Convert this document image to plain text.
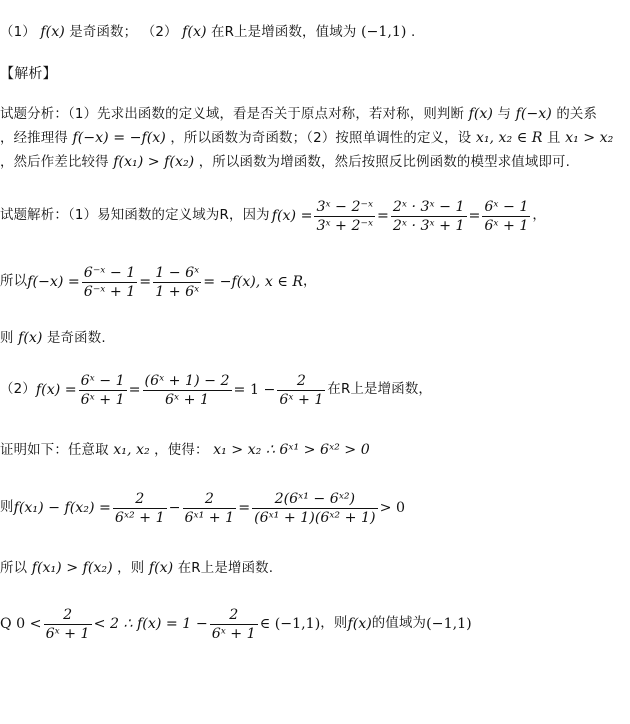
（1） f(x) 是奇函数； （2） f(x) 在R上是增函数，值域为 (−1,1) .
【解析】
试题分析：（1）先求出函数的定义域，看是否关于原点对称，若对称，则判断 f(x) 与 f(−x) 的关系
，经推理得 f(−x) = −f(x) ，所以函数为奇函数；（2）按照单调性的定义，设 x₁, x₂ ∈ R 且 x₁ > x₂
，然后作差比较得 f(x₁) > f(x₂) ，所以函数为增函数，然后按照反比例函数的模型求值域即可.
试题解析：（1）易知函数的定义域为R，因为 $f(x) = \frac{\text{3ˣ − 2⁻ˣ}}{\text{3ˣ + 2⁻ˣ}} = \frac{\text{2ˣ · 3ˣ − 1}}{\text{2ˣ · 3ˣ + 1}} = \frac{\text{6ˣ − 1}}{\text{6ˣ + 1}}$ ，
所以 $f(-x) = \frac{\text{6⁻ˣ − 1}}{\text{6⁻ˣ + 1}} = \frac{\text{1 − 6ˣ}}{\text{1 + 6ˣ}} = -f(x)$, x ∈ R ，
则 f(x) 是奇函数.
（2） $f(x) = \frac{\text{6ˣ − 1}}{\text{6ˣ + 1}} = \frac{\text{(6ˣ + 1) − 2}}{\text{6ˣ + 1}} = 1 - \frac{2}{\text{6ˣ + 1}}$ 在R上是增函数，
证明如下：任意取 x₁, x₂ ，使得： x₁ > x₂ ∴ 6ˣ¹ > 6ˣ² > 0
则 $f(x_1) - f(x_2) = \frac{2}{\text{6ˣ² + 1}} - \frac{2}{\text{6ˣ¹ + 1}} = \frac{\text{2(6ˣ¹ − 6ˣ²)}}{\text{(6ˣ¹ + 1)(6ˣ² + 1)}} > 0$
所以 f(x₁) > f(x₂) ，则 f(x) 在R上是增函数.
Q $0 < \frac{2}{\text{6ˣ + 1}} < 2$ ∴ $f(x) = 1 - \frac{2}{\text{6ˣ + 1}}$ ∈ (−1,1) ，则 f(x) 的值域为 (−1,1)
